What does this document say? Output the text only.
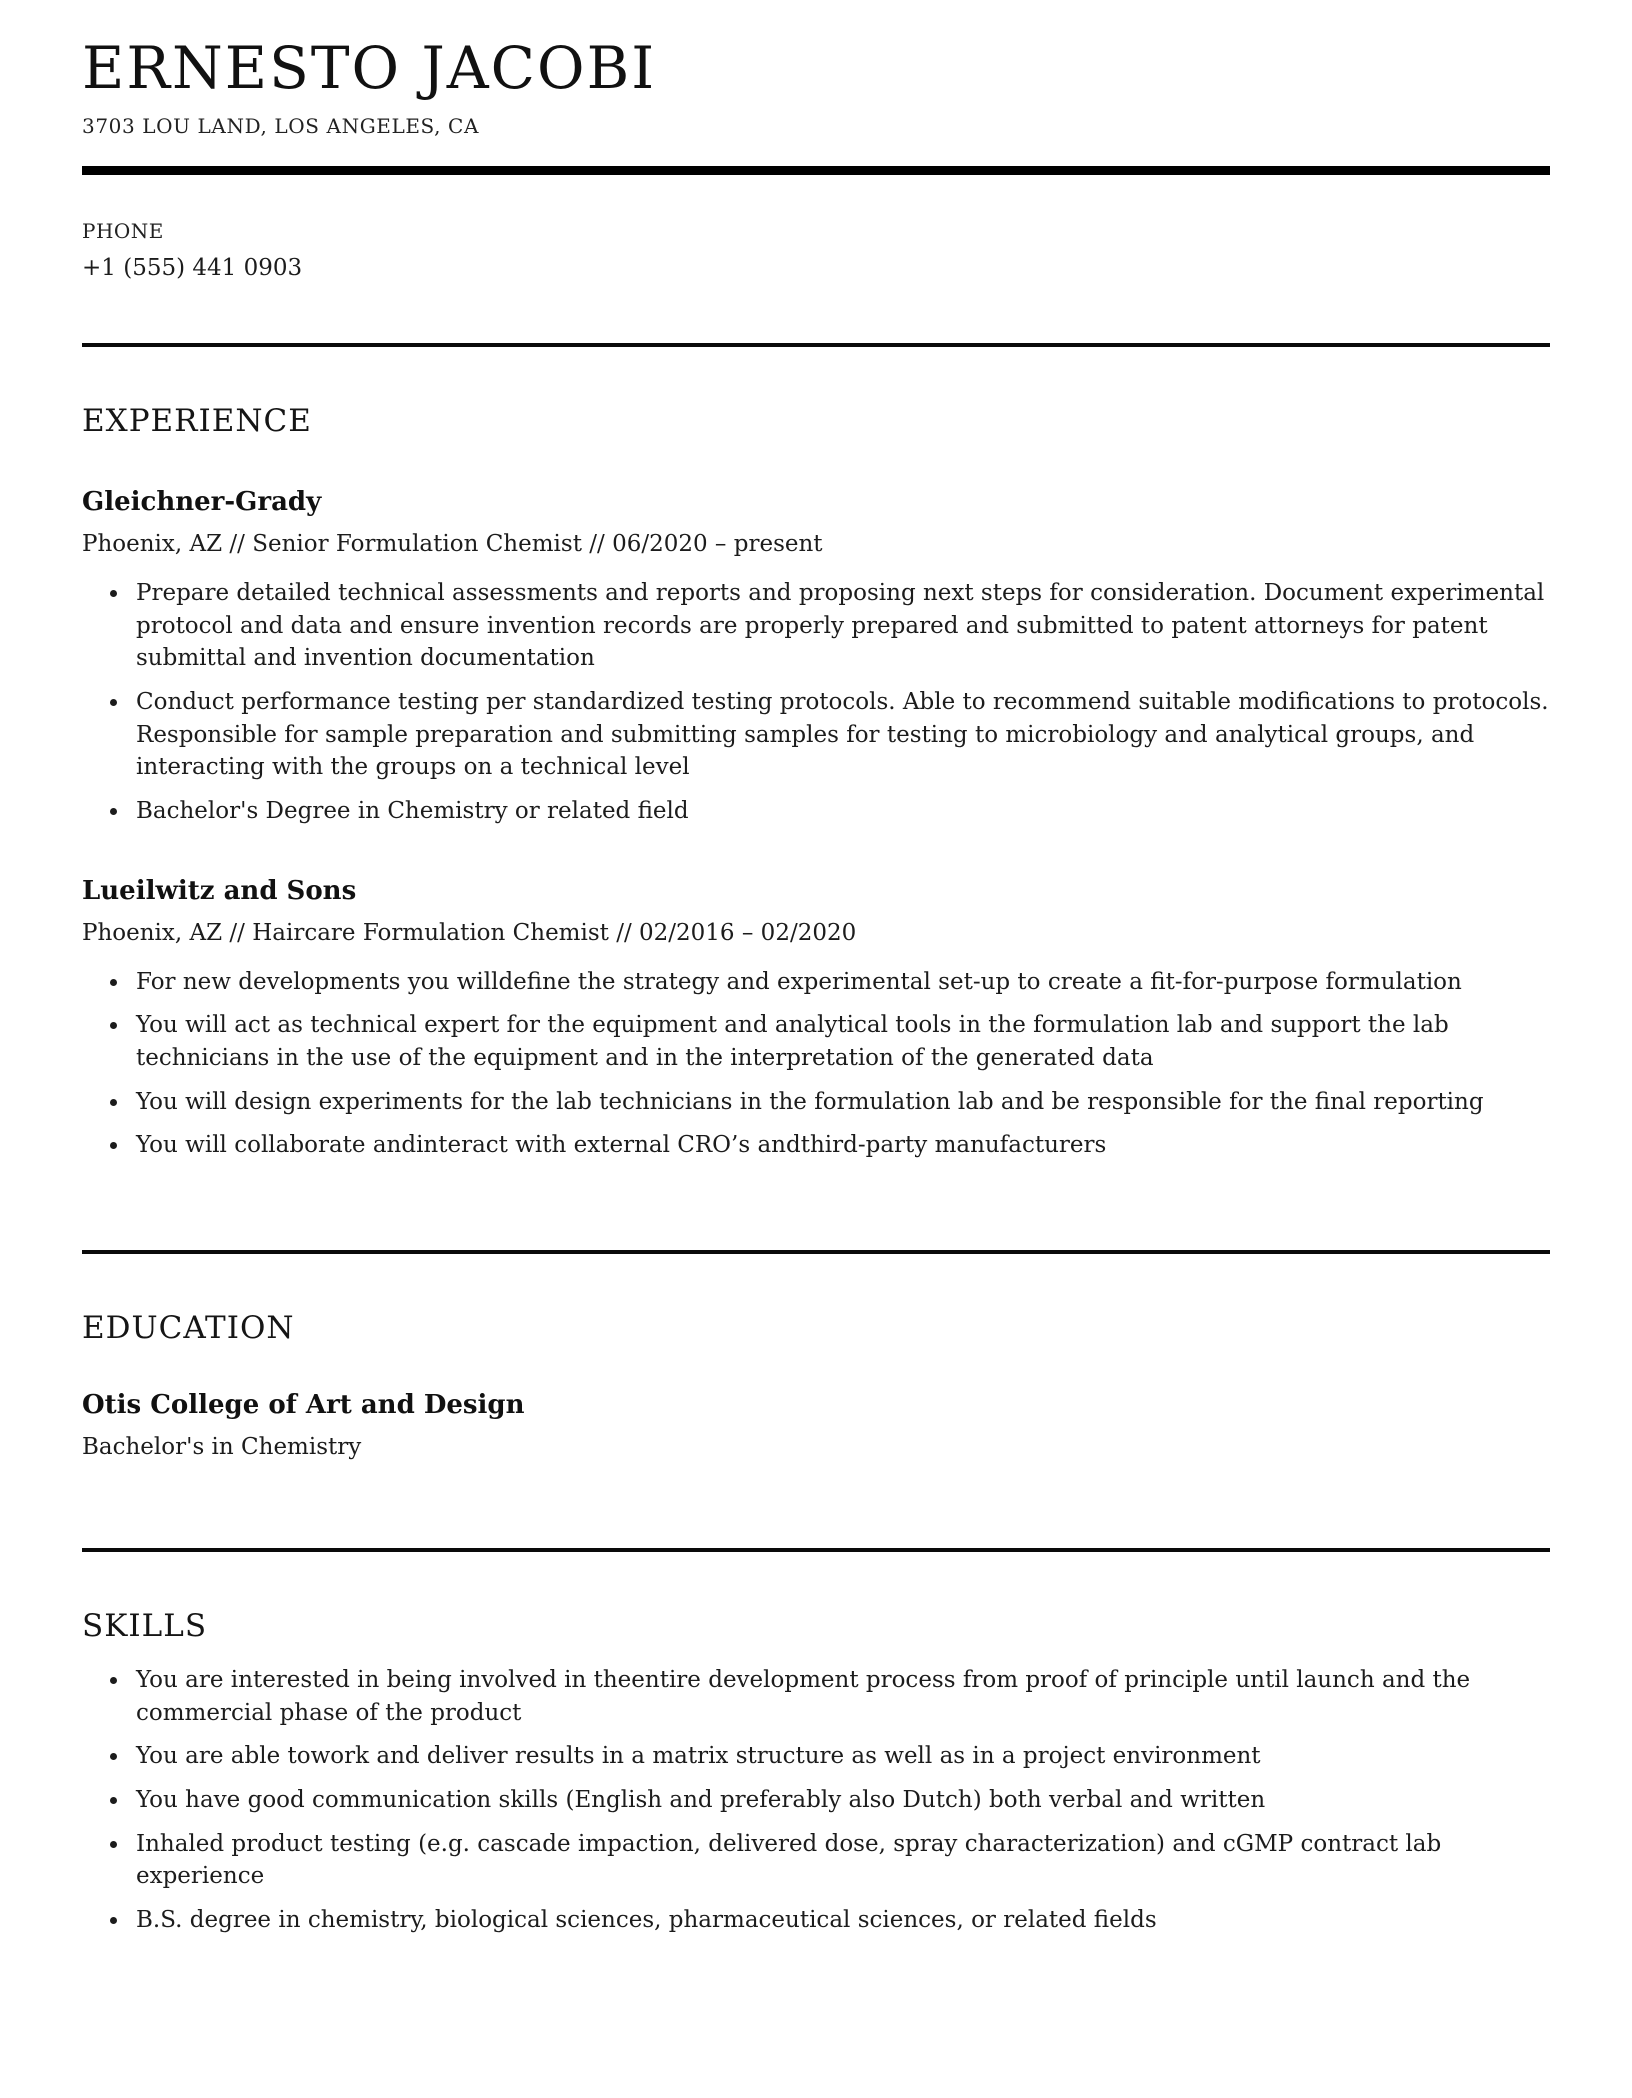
ERNESTO JACOBI
3703 LOU LAND, LOS ANGELES, CA
PHONE
+1 (555) 441 0903
EXPERIENCE
Gleichner-Grady
Phoenix, AZ // Senior Formulation Chemist // 06/2020 – present
• Prepare detailed technical assessments and reports and proposing next steps for consideration. Document experimental protocol and data and ensure invention records are properly prepared and submitted to patent attorneys for patent submittal and invention documentation
• Conduct performance testing per standardized testing protocols. Able to recommend suitable modifications to protocols. Responsible for sample preparation and submitting samples for testing to microbiology and analytical groups, and interacting with the groups on a technical level
• Bachelor's Degree in Chemistry or related field
Lueilwitz and Sons
Phoenix, AZ // Haircare Formulation Chemist // 02/2016 – 02/2020
• For new developments you willdefine the strategy and experimental set-up to create a fit-for-purpose formulation
• You will act as technical expert for the equipment and analytical tools in the formulation lab and support the lab technicians in the use of the equipment and in the interpretation of the generated data
• You will design experiments for the lab technicians in the formulation lab and be responsible for the final reporting
• You will collaborate andinteract with external CRO’s andthird-party manufacturers
EDUCATION
Otis College of Art and Design
Bachelor's in Chemistry
SKILLS
• You are interested in being involved in theentire development process from proof of principle until launch and the commercial phase of the product
• You are able towork and deliver results in a matrix structure as well as in a project environment
• You have good communication skills (English and preferably also Dutch) both verbal and written
• Inhaled product testing (e.g. cascade impaction, delivered dose, spray characterization) and cGMP contract lab experience
• B.S. degree in chemistry, biological sciences, pharmaceutical sciences, or related fields
